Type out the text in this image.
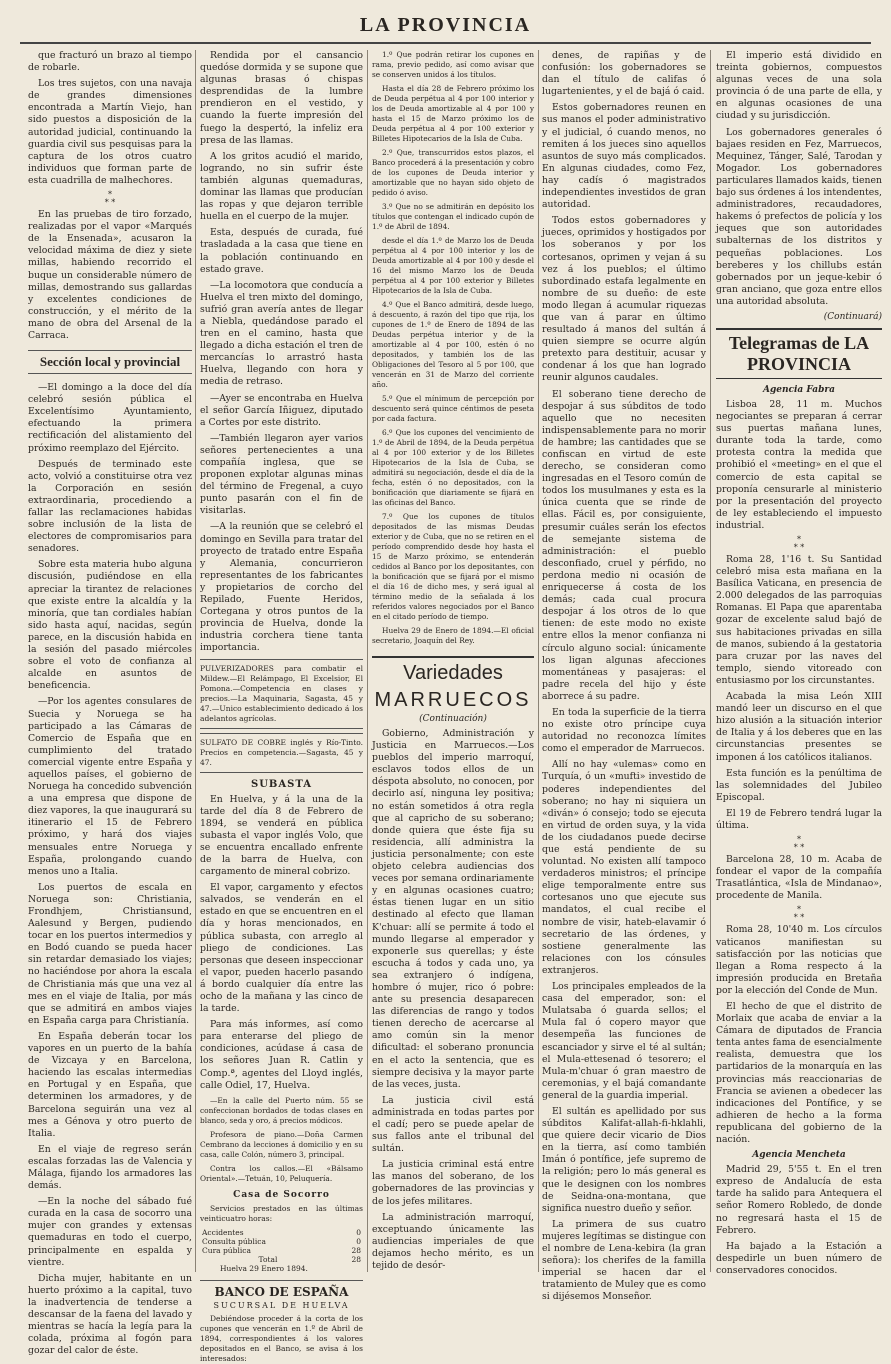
LA PROVINCIA

que fracturó un brazo al tiempo de robarle.

Los tres sujetos, con una navaja de grandes dimensiones encontrada a Martín Viejo, han sido puestos a disposición de la autoridad judicial, continuando la guardia civil sus pesquisas para la captura de los otros cuatro individuos que forman parte de esta cuadrilla de malhechores.

*
* *

En las pruebas de tiro forzado, realizadas por el vapor «Marqués de la Ensenada», acusaron la velocidad máxima de diez y siete millas, habiendo recorrido el buque un considerable número de millas, demostrando sus gallardas y excelentes condiciones de construcción, y el mérito de la mano de obra del Arsenal de la Carraca.

Sección local y provincial

—El domingo a la doce del día celebró sesión pública el Excelentísimo Ayuntamiento, efectuando la primera rectificación del alistamiento del próximo reemplazo del Ejército.

Después de terminado este acto, volvió a constituirse otra vez la Corporación en sesión extraordinaria, procediendo a fallar las reclamaciones habidas sobre inclusión de la lista de electores de compromisarios para senadores.

Sobre esta materia hubo alguna discusión, pudiéndose en ella apreciar la tirantez de relaciones que existe entre la alcaldía y la minoría, que tan cordiales habían sido hasta aquí, nacidas, según parece, en la discusión habida en la sesión del pasado miércoles sobre el voto de confianza al alcalde en asuntos de beneficencia.

—Por los agentes consulares de Suecia y Noruega se ha participado a las Cámaras de Comercio de España que en cumplimiento del tratado comercial vigente entre España y aquellos países, el gobierno de Noruega ha concedido subvención a una empresa que dispone de diez vapores, la que inaugurará su itinerario el 15 de Febrero próximo, y hará dos viajes mensuales entre Noruega y España, prolongando cuando menos uno a Italia.

Los puertos de escala en Noruega son: Christiania, Frondhjem, Christiansund, Aalesund y Bergen, pudiendo tocar en los puertos intermedios y en Bodó cuando se pueda hacer sin retardar demasiado los viajes; no haciéndose por ahora la escala de Christiania más que una vez al mes en el viaje de Italia, por más que se admitirá en ambos viajes en España carga para Christianía.

En España deberán tocar los vapores en un puerto de la bahía de Vizcaya y en Barcelona, haciendo las escalas intermedias en Portugal y en España, que determinen los armadores, y de Barcelona seguirán una vez al mes a Génova y otro puerto de Italia.

En el viaje de regreso serán escalas forzadas las de Valencia y Málaga, fijando los armadores las demás.

—En la noche del sábado fué curada en la casa de socorro una mujer con grandes y extensas quemaduras en todo el cuerpo, principalmente en espalda y vientre.

Dicha mujer, habitante en un huerto próximo a la capital, tuvo la inadvertencia de tenderse a descansar de la faena del lavado y mientras se hacía la legía para la colada, próxima al fogón para gozar del calor de éste.

Rendida por el cansancio quedóse dormida y se supone que algunas brasas ó chispas desprendidas de la lumbre prendieron en el vestido, y cuando la fuerte impresión del fuego la despertó, la infeliz era presa de las llamas.

A los gritos acudió el marido, logrando, no sin sufrir éste también algunas quemaduras, dominar las llamas que producían las ropas y que dejaron terrible huella en el cuerpo de la mujer.

Esta, después de curada, fué trasladada a la casa que tiene en la población continuando en estado grave.

—La locomotora que conducía a Huelva el tren mixto del domingo, sufrió gran avería antes de llegar a Niebla, quedándose parado el tren en el camino, hasta que llegado a dicha estación el tren de mercancías lo arrastró hasta Huelva, llegando con hora y media de retraso.

—Ayer se encontraba en Huelva el señor García Iñiguez, diputado a Cortes por este distrito.

—También llegaron ayer varios señores pertenecientes a una compañía inglesa, que se proponen explotar algunas minas del término de Fregenal, a cuyo punto pasarán con el fin de visitarlas.

—A la reunión que se celebró el domingo en Sevilla para tratar del proyecto de tratado entre España y Alemania, concurrieron representantes de los fabricantes y propietarios de corcho del Repilado, Fuente Heridos, Cortegana y otros puntos de la provincia de Huelva, donde la industria corchera tiene tanta importancia.

PULVERIZADORES para combatir el Mildew.—El Relámpago, El Excelsior, El Pomona.—Competencia en clases y precios.—La Maquinaria, Sagasta, 45 y 47.—Unico establecimiento dedicado á los adelantos agrícolas.
SULFATO DE COBRE inglés y Río-Tinto. Precios en competencia.—Sagasta, 45 y 47.
SUBASTA

En Huelva, y á la una de la tarde del día 8 de Febrero de 1894, se venderá en pública subasta el vapor inglés Volo, que se encuentra encallado enfrente de la barra de Huelva, con cargamento de mineral cobrizo.

El vapor, cargamento y efectos salvados, se venderán en el estado en que se encuentren en el día y horas mencionados, en pública subasta, con arreglo al pliego de condiciones. Las personas que deseen inspeccionar el vapor, pueden hacerlo pasando á bordo cualquier día entre las ocho de la mañana y las cinco de la tarde.

Para más informes, así como para enterarse del pliego de condiciones, acúdase á casa de los señores Juan R. Catlin y Comp.ª, agentes del Lloyd inglés, calle Odiel, 17, Huelva.

—En la calle del Puerto núm. 55 se confeccionan bordados de todas clases en blanco, seda y oro, á precios módicos.

Profesora de piano.—Doña Carmen Cembrano da lecciones á domicilio y en su casa, calle Colón, número 3, principal.

Contra los callos.—El «Bálsamo Oriental».—Tetuán, 10, Peluquería.

Casa de Socorro

Servicios prestados en las últimas veinticuatro horas:

Accidentes	0
Consulta pública	0
Cura pública	28
Total	28

Huelva 29 Enero 1894.

BANCO DE ESPAÑA
SUCURSAL DE HUELVA

Debiéndose proceder á la corta de los cupones que vencerán en 1.º de Abril de 1894, correspondientes á los valores depositados en el Banco, se avisa á los interesados:

1.º Que podrán retirar los cupones en rama, previo pedido, así como avisar que se conserven unidos á los títulos.

Hasta el día 28 de Febrero próximo los de Deuda perpétua al 4 por 100 interior y los de Deuda amortizable al 4 por 100 y hasta el 15 de Marzo próximo los de Deuda perpétua al 4 por 100 exterior y Billetes Hipotecarios de la Isla de Cuba.

2.º Que, transcurridos estos plazos, el Banco procederá á la presentación y cobro de los cupones de Deuda interior y amortizable que no hayan sido objeto de pedido ó aviso.

3.º Que no se admitirán en depósito los títulos que contengan el indicado cupón de 1.º de Abril de 1894.

desde el día 1.º de Marzo los de Deuda perpétua al 4 por 100 interior y los de Deuda amortizable al 4 por 100 y desde el 16 del mismo Marzo los de Deuda perpétua al 4 por 100 exterior y Billetes Hipotecarios de la Isla de Cuba.

4.º Que el Banco admitirá, desde luego, á descuento, á razón del tipo que rija, los cupones de 1.º de Enero de 1894 de las Deudas perpétua interior y de la amortizable al 4 por 100, estén ó no depositados, y también los de las Obligaciones del Tesoro al 5 por 100, que vencerán en 31 de Marzo del corriente año.

5.º Que el mínimum de percepción por descuento será quince céntimos de peseta por cada factura.

6.º Que los cupones del vencimiento de 1.º de Abril de 1894, de la Deuda perpétua al 4 por 100 exterior y de los Billetes Hipotecarios de la Isla de Cuba, se admitirá su negociación, desde el día de la fecha, estén ó no depositados, con la bonificación que diariamente se fijará en las oficinas del Banco.

7.º Que los cupones de títulos depositados de las mismas Deudas exterior y de Cuba, que no se retiren en el período comprendido desde hoy hasta el 15 de Marzo próximo, se entenderán cedidos al Banco por los depositantes, con la bonificación que se fijará por el mismo el día 16 de dicho mes, y será igual al término medio de la señalada á los referidos valores negociados por el Banco en el citado período de tiempo.

Huelva 29 de Enero de 1894.—El oficial secretario, Joaquín del Rey.

Variedades
MARRUECOS
(Continuación)

Gobierno, Administración y Justicia en Marruecos.—Los pueblos del imperio marroquí, esclavos todos ellos de un déspota absoluto, no conocen, por decirlo así, ninguna ley positiva; no están sometidos á otra regla que al capricho de su soberano; donde quiera que éste fija su residencia, allí administra la justicia personalmente; con este objeto celebra audiencias dos veces por semana ordinariamente y en algunas ocasiones cuatro; éstas tienen lugar en un sitio destinado al efecto que llaman K'chuar: allí se permite á todo el mundo llegarse al emperador y exponerle sus querellas; y éste escucha á todos y cada uno, ya sea extranjero ó indígena, hombre ó mujer, rico ó pobre: ante su presencia desaparecen las diferencias de rango y todos tienen derecho de acercarse al amo común sin la menor dificultad: el soberano pronuncia en el acto la sentencia, que es siempre decisiva y la mayor parte de las veces, justa.

La justicia civil está administrada en todas partes por el cadí; pero se puede apelar de sus fallos ante el tribunal del sultán.

La justicia criminal está entre las manos del soberano, de los gobernadores de las provincias y de los jefes militares.

La administración marroquí, exceptuando únicamente las audiencias imperiales de que dejamos hecho mérito, es un tejido de desór-

denes, de rapiñas y de confusión: los gobernadores se dan el título de califas ó lugartenientes, y el de bajá ó caid.

Estos gobernadores reunen en sus manos el poder administrativo y el judicial, ó cuando menos, no remiten á los jueces sino aquellos asuntos de suyo más complicados. En algunas ciudades, como Fez, hay cadís ó magistrados independientes investidos de gran autoridad.

Todos estos gobernadores y jueces, oprimidos y hostigados por los soberanos y por los cortesanos, oprimen y vejan á su vez á los pueblos; el último subordinado estafa legalmente en nombre de su dueño: de este modo llegan á acumular riquezas que van á parar en último resultado á manos del sultán á quien siempre se ocurre algún pretexto para destituir, acusar y condenar á los que han logrado reunir algunos caudales.

El soberano tiene derecho de despojar á sus súbditos de todo aquello que no necesiten indispensablemente para no morir de hambre; las cantidades que se confiscan en virtud de este derecho, se consideran como ingresadas en el Tesoro común de todos los musulmanes y esta es la única cuenta que se rinde de ellas. Fácil es, por consiguiente, presumir cuáles serán los efectos de semejante sistema de administración: el pueblo desconfiado, cruel y pérfido, no perdona medio ni ocasión de enriquecerse á costa de los demás; cada cual procura despojar á los otros de lo que tienen: de este modo no existe entre ellos la menor confianza ni círculo alguno social: únicamente los ligan algunas afecciones momentáneas y pasajeras: el padre recela del hijo y éste aborrece á su padre.

En toda la superficie de la tierra no existe otro príncipe cuya autoridad no reconozca límites como el emperador de Marruecos.

Allí no hay «ulemas» como en Turquía, ó un «mufti» investido de poderes independientes del soberano; no hay ni siquiera un «diván» ó consejo; todo se ejecuta en virtud de orden suya, y la vida de los ciudadanos puede decirse que está pendiente de su voluntad. No existen allí tampoco verdaderos ministros; el príncipe elige temporalmente entre sus cortesanos uno que ejecute sus mandatos, el cual recibe el nombre de visir, hateb-elavamir ó secretario de las órdenes, y sostiene generalmente las relaciones con los cónsules extranjeros.

Los principales empleados de la casa del emperador, son: el Mulatsaba ó guarda sellos; el Mula fal ó copero mayor que desempeña las funciones de escanciador y sirve el té al sultán; el Mula-ettesenad ó tesorero; el Mula-m'chuar ó gran maestro de ceremonias, y el bajá comandante general de la guardia imperial.

El sultán es apellidado por sus súbditos Kalifat-allah-fi-hklahli, que quiere decir vicario de Dios en la tierra, así como también Imán ó pontífice, jefe supremo de la religión; pero lo más general es que le designen con los nombres de Seidna-ona-montana, que significa nuestro dueño y señor.

La primera de sus cuatro mujeres legítimas se distingue con el nombre de Lena-kebira (la gran señora): los cherifes de la familla imperial se hacen dar el tratamiento de Muley que es como si dijésemos Monseñor.

El imperio está dividido en treinta gobiernos, compuestos algunas veces de una sola provincia ó de una parte de ella, y en algunas ocasiones de una ciudad y su jurisdicción.

Los gobernadores generales ó bajaes residen en Fez, Marruecos, Mequinez, Tánger, Salé, Tarodan y Mogador. Los gobernadores particulares llamados kaids, tienen bajo sus órdenes á los intendentes, administradores, recaudadores, hakems ó prefectos de policía y los jeques que son autoridades subalternas de los distritos y pequeñas poblaciones. Los bereberes y los chillubs están gobernados por un jeque-kebir ó gran anciano, que goza entre ellos una autoridad absoluta.

(Continuará)
Telegramas de LA PROVINCIA
Agencia Fabra

Lisboa 28, 11 m. Muchos negociantes se preparan á cerrar sus puertas mañana lunes, durante toda la tarde, como protesta contra la medida que prohibió el «meeting» en el que el comercio de esta capital se proponía censurarle al ministerio por la presentación del proyecto de ley estableciendo el impuesto industrial.

*
* *

Roma 28, 1'16 t. Su Santidad celebró misa esta mañana en la Basílica Vaticana, en presencia de 2.000 delegados de las parroquias Romanas. El Papa que aparentaba gozar de excelente salud bajó de sus habitaciones privadas en silla de manos, subiendo á la gestatoria para cruzar por las naves del templo, siendo vitoreado con entusiasmo por los circunstantes.

Acabada la misa León XIII mandó leer un discurso en el que hizo alusión a la situación interior de Italia y á los deberes que en las circunstancias presentes se imponen á los católicos italianos.

Esta función es la penúltima de las solemnidades del Jubileo Episcopal.

El 19 de Febrero tendrá lugar la última.

*
* *

Barcelona 28, 10 m. Acaba de fondear el vapor de la compañía Trasatlántica, «Isla de Mindanao», procedente de Manila.

*
* *

Roma 28, 10'40 m. Los círculos vaticanos manifiestan su satisfacción por las noticias que llegan a Roma respecto á la impresión producida en Bretaña por la elección del Conde de Mun.

El hecho de que el distrito de Morlaix que acaba de enviar a la Cámara de diputados de Francia tenta antes fama de esencialmente realista, demuestra que los partidarios de la monarquía en las provincias más reaccionarias de Francia se avienen a obedecer las indicaciones del Pontífice, y se adhieren de hecho a la forma republicana del gobierno de la nación.

Agencia Mencheta

Madrid 29, 5'55 t. En el tren expreso de Andalucía de esta tarde ha salido para Antequera el señor Romero Robledo, de donde no regresará hasta el 15 de Febrero.

Ha bajado a la Estación a despedirle un buen número de conservadores conocidos.
